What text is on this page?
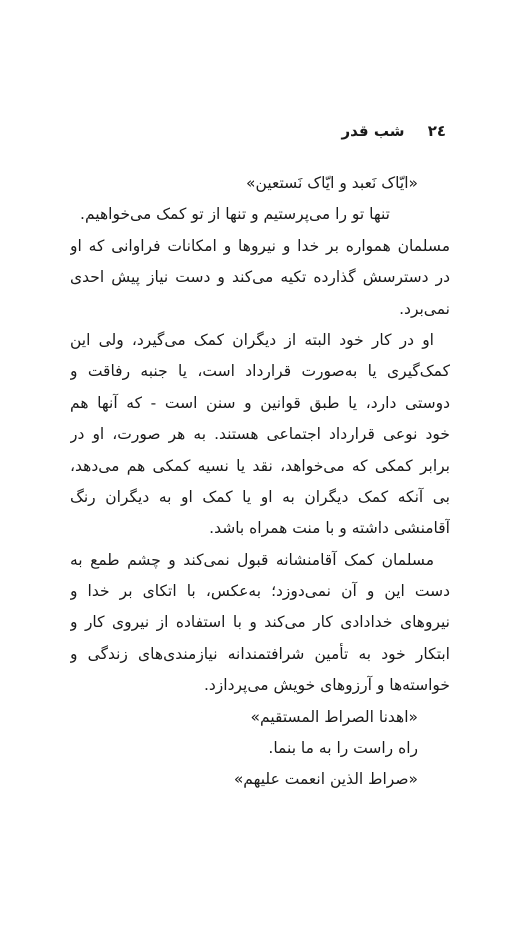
٢٤ شب قدر
«ایّاک نَعبد و ایّاک نَستعین»
تنها تو را می‌پرستیم و تنها از تو کمک می‌خواهیم.
مسلمان همواره بر خدا و نیروها و امکانات فراوانی که او
در دسترسش گذارده تکیه می‌کند و دست نیاز پیش احدی
نمی‌برد.
او در کار خود البته از دیگران کمک می‌گیرد، ولی این
کمک‌گیری یا به‌صورت قرارداد است، یا جنبه رفاقت و
دوستی دارد، یا طبق قوانین و سنن است - که آنها هم
خود نوعی قرارداد اجتماعی هستند. به هر صورت، او در
برابر کمکی که می‌خواهد، نقد یا نسیه کمکی هم می‌دهد،
بی آنکه کمک دیگران به او یا کمک او به دیگران رنگ
آقامنشی داشته و با منت همراه باشد.
مسلمان کمک آقامنشانه قبول نمی‌کند و چشم طمع به
دست این و آن نمی‌دوزد؛ به‌عکس، با اتکای بر خدا و
نیروهای خدادادی کار می‌کند و با استفاده از نیروی کار و
ابتکار خود به تأمین شرافتمندانه نیازمندی‌های زندگی و
خواسته‌ها و آرزوهای خویش می‌پردازد.
«اهدنا الصراط المستقیم»
راه راست را به ما بنما.
«صراط الذین انعمت علیهم»
